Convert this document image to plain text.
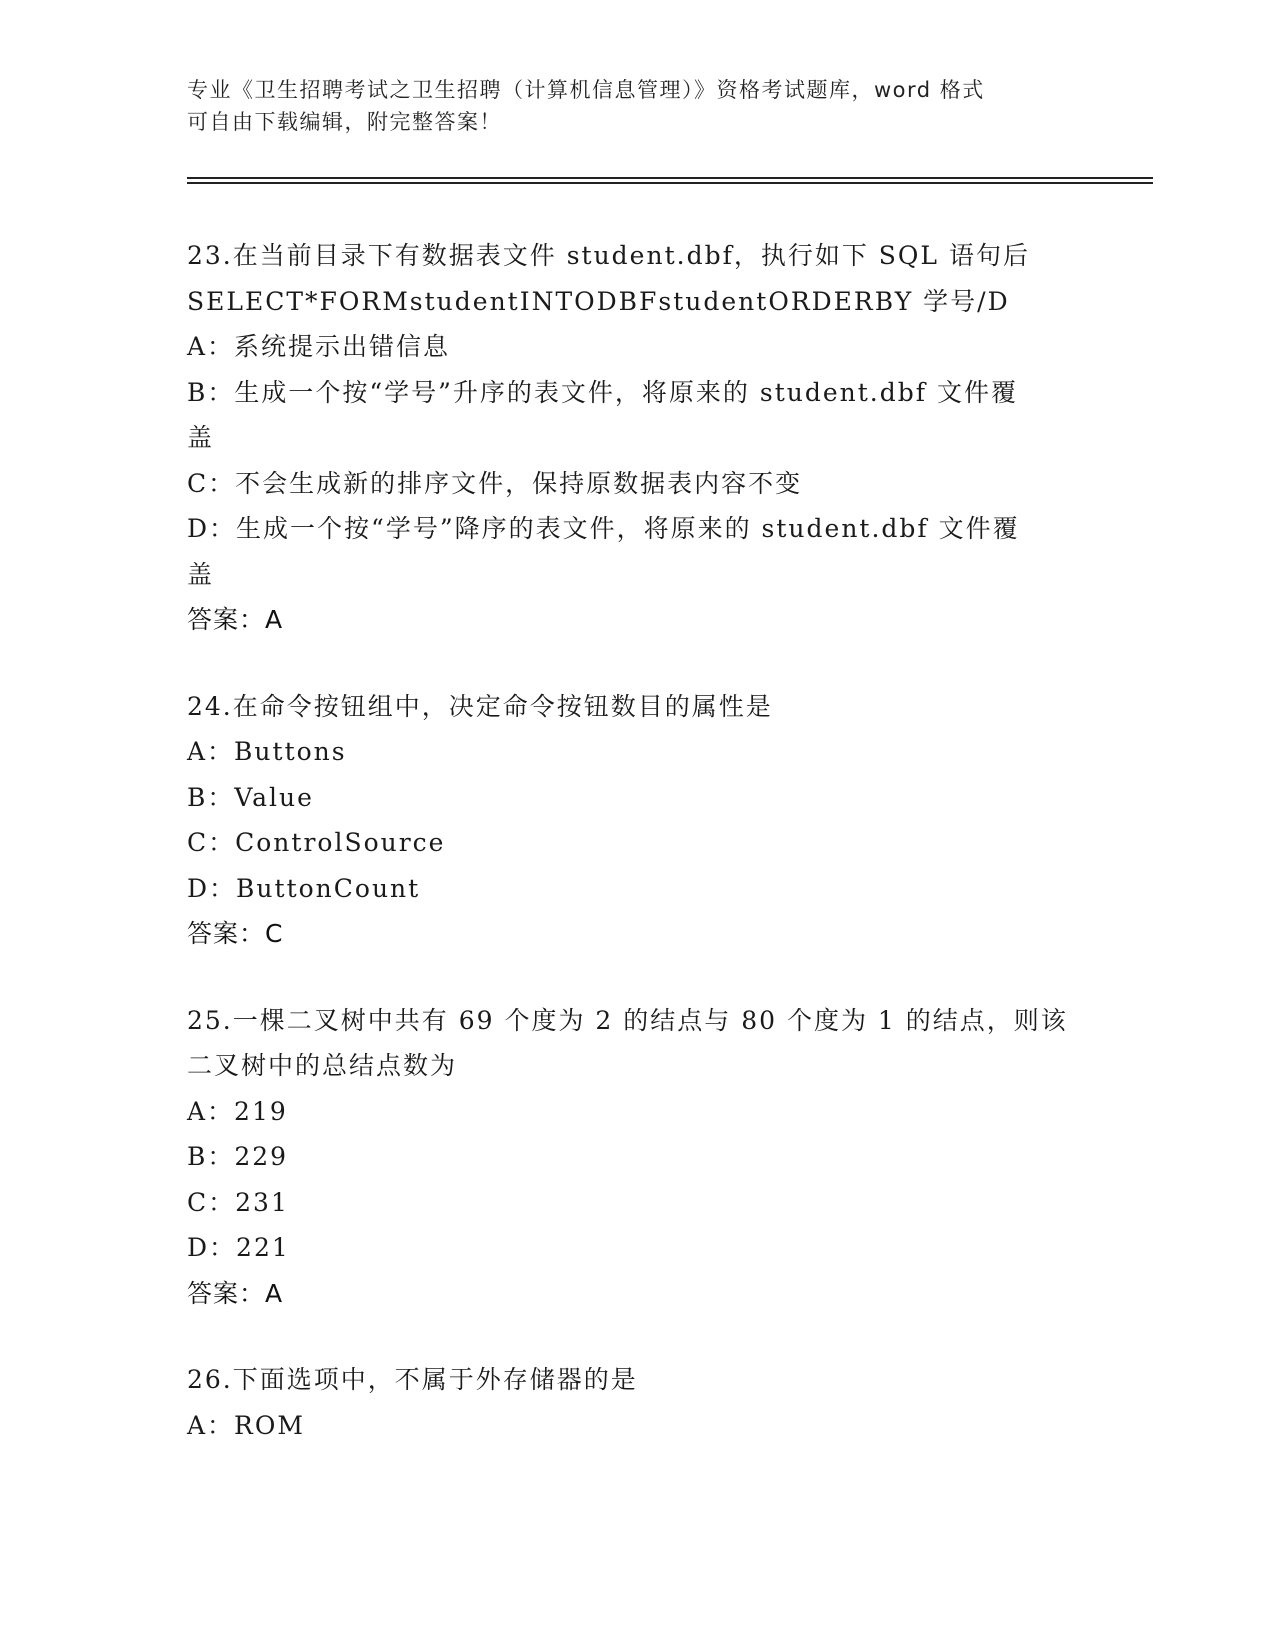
专业《卫生招聘考试之卫生招聘（计算机信息管理）》资格考试题库，word 格式
可自由下载编辑，附完整答案！
23.在当前目录下有数据表文件 student.dbf，执行如下 SQL 语句后
SELECT*FORMstudentINTODBFstudentORDERBY 学号/D
A：系统提示出错信息
B：生成一个按“学号”升序的表文件，将原来的 student.dbf 文件覆
盖
C：不会生成新的排序文件，保持原数据表内容不变
D：生成一个按“学号”降序的表文件，将原来的 student.dbf 文件覆
盖
答案：A
24.在命令按钮组中，决定命令按钮数目的属性是
A：Buttons
B：Value
C：ControlSource
D：ButtonCount
答案：C
25.一棵二叉树中共有 69 个度为 2 的结点与 80 个度为 1 的结点，则该
二叉树中的总结点数为
A：219
B：229
C：231
D：221
答案：A
26.下面选项中，不属于外存储器的是
A：ROM
